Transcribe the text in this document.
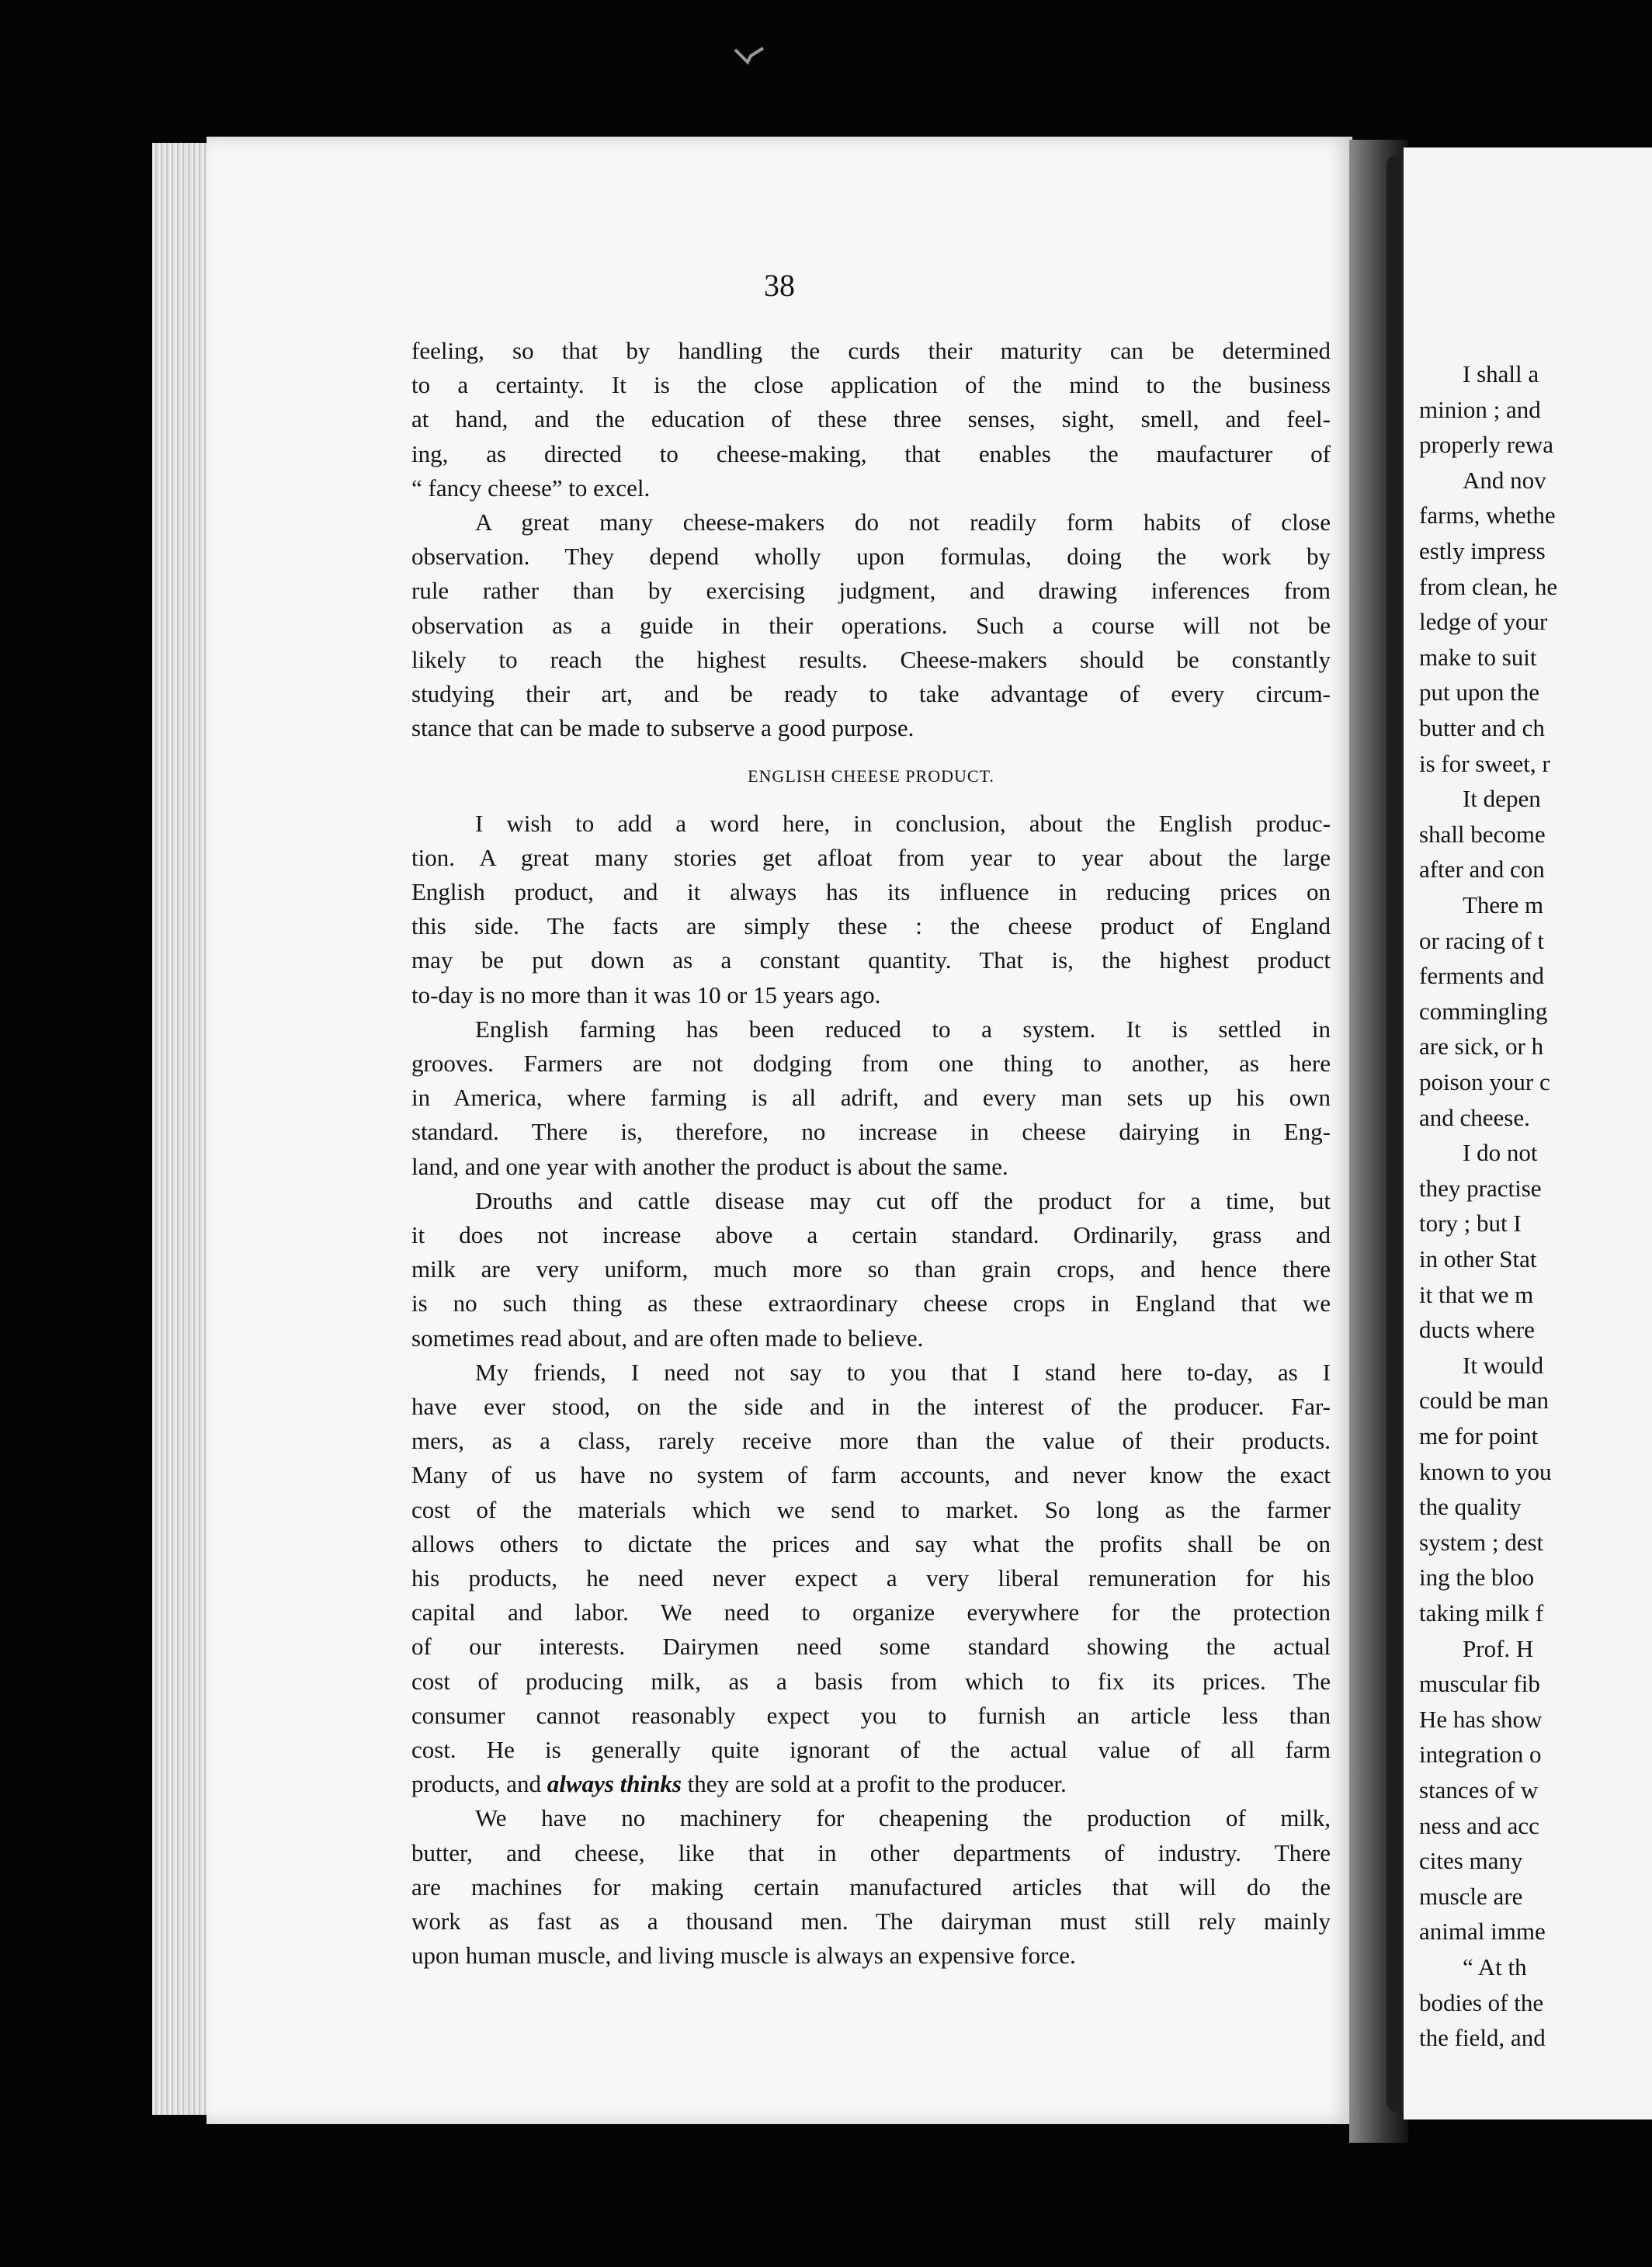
38
feeling, so that by handling the curds their maturity can be determined
to a certainty. It is the close application of the mind to the business
at hand, and the education of these three senses, sight, smell, and feel-
ing, as directed to cheese-making, that enables the maufacturer of
“ fancy cheese” to excel.
A great many cheese-makers do not readily form habits of close
observation. They depend wholly upon formulas, doing the work by
rule rather than by exercising judgment, and drawing inferences from
observation as a guide in their operations. Such a course will not be
likely to reach the highest results. Cheese-makers should be constantly
studying their art, and be ready to take advantage of every circum-
stance that can be made to subserve a good purpose.
ENGLISH CHEESE PRODUCT.
I wish to add a word here, in conclusion, about the English produc-
tion. A great many stories get afloat from year to year about the large
English product, and it always has its influence in reducing prices on
this side. The facts are simply these : the cheese product of England
may be put down as a constant quantity. That is, the highest product
to-day is no more than it was 10 or 15 years ago.
English farming has been reduced to a system. It is settled in
grooves. Farmers are not dodging from one thing to another, as here
in America, where farming is all adrift, and every man sets up his own
standard. There is, therefore, no increase in cheese dairying in Eng-
land, and one year with another the product is about the same.
Drouths and cattle disease may cut off the product for a time, but
it does not increase above a certain standard. Ordinarily, grass and
milk are very uniform, much more so than grain crops, and hence there
is no such thing as these extraordinary cheese crops in England that we
sometimes read about, and are often made to believe.
My friends, I need not say to you that I stand here to-day, as I
have ever stood, on the side and in the interest of the producer. Far-
mers, as a class, rarely receive more than the value of their products.
Many of us have no system of farm accounts, and never know the exact
cost of the materials which we send to market. So long as the farmer
allows others to dictate the prices and say what the profits shall be on
his products, he need never expect a very liberal remuneration for his
capital and labor. We need to organize everywhere for the protection
of our interests. Dairymen need some standard showing the actual
cost of producing milk, as a basis from which to fix its prices. The
consumer cannot reasonably expect you to furnish an article less than
cost. He is generally quite ignorant of the actual value of all farm
products, and always thinks they are sold at a profit to the producer.
We have no machinery for cheapening the production of milk,
butter, and cheese, like that in other departments of industry. There
are machines for making certain manufactured articles that will do the
work as fast as a thousand men. The dairyman must still rely mainly
upon human muscle, and living muscle is always an expensive force.
I shall a
minion ; and
properly rewa
And nov
farms, whethe
estly impress
from clean, he
ledge of your
make to suit
put upon the
butter and ch
is for sweet, r
It depen
shall become
after and con
There m
or racing of t
ferments and
commingling
are sick, or h
poison your c
and cheese.
I do not
they practise
tory ; but I
in other Stat
it that we m
ducts where
It would
could be man
me for point
known to you
the quality
system ; dest
ing the bloo
taking milk f
Prof. H
muscular fib
He has show
integration o
stances of w
ness and acc
cites many
muscle are
animal imme
“ At th
bodies of the
the field, and
